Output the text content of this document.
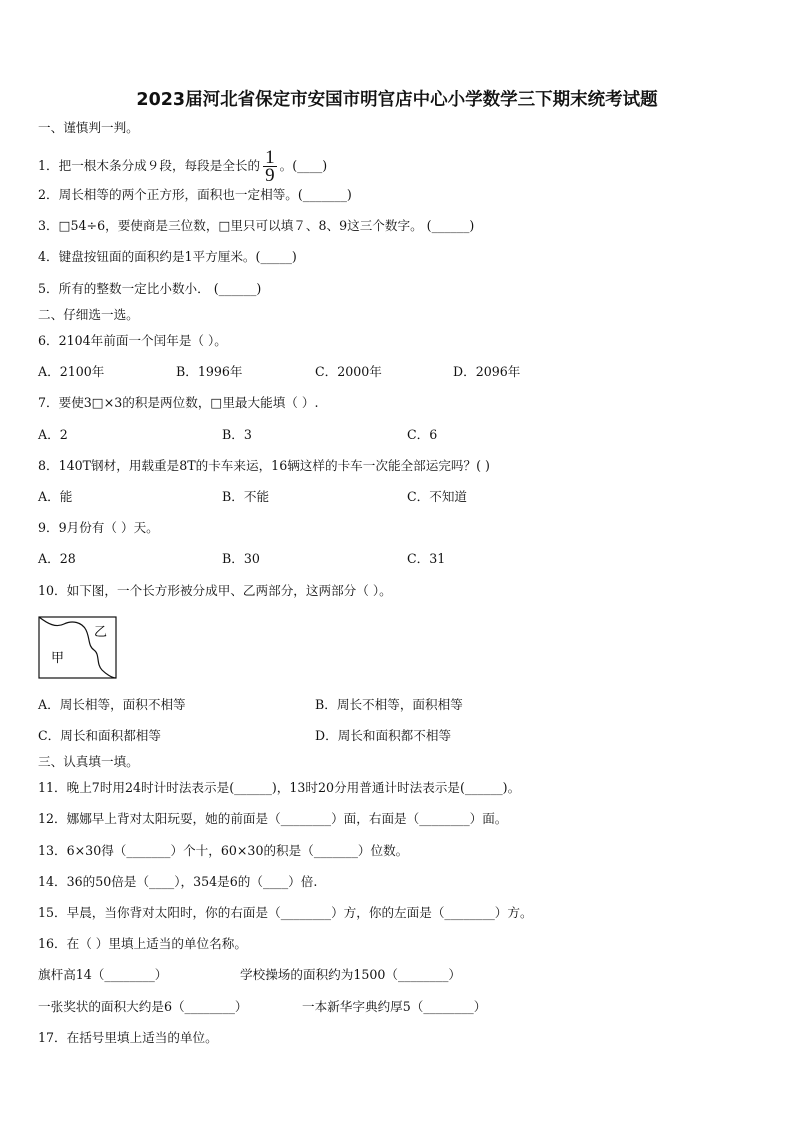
2023届河北省保定市安国市明官店中心小学数学三下期末统考试题
一、谨慎判一判。
1．把一根木条分成９段，每段是全长的 $\frac{1}{9}$ 。(____)
2．周长相等的两个正方形，面积也一定相等。(_______)
3．□54÷6，要使商是三位数，□里只可以填７、8、9这三个数字。 (______)
4．键盘按钮面的面积约是1平方厘米。(_____)
5．所有的整数一定比小数小． (______)
二、仔细选一选。
6．2104年前面一个闰年是（ ）。
A．2100年	B．1996年	C．2000年	D．2096年
7．要使3□×3的积是两位数，□里最大能填（ ）.
A．2	B．3	C．6
8．140T钢材，用载重是8T的卡车来运，16辆这样的卡车一次能全部运完吗？( )
A．能	B．不能	C．不知道
9．9月份有（ ）天。
A．28	B．30	C．31
10．如下图，一个长方形被分成甲、乙两部分，这两部分（ ）。
乙
甲
A．周长相等，面积不相等	B．周长不相等，面积相等
C．周长和面积都相等	D．周长和面积都不相等
三、认真填一填。
11．晚上7时用24时计时法表示是(______)，13时20分用普通计时法表示是(______)。
12．娜娜早上背对太阳玩耍，她的前面是（________）面，右面是（________）面。
13．6×30得（_______）个十，60×30的积是（_______）位数。
14．36的50倍是（____），354是6的（____）倍.
15．早晨，当你背对太阳时，你的右面是（________）方，你的左面是（________）方。
16．在（ ）里填上适当的单位名称。
旗杆高14（________）	学校操场的面积约为1500（________）
一张奖状的面积大约是6（________）	一本新华字典约厚5（________）
17．在括号里填上适当的单位。
